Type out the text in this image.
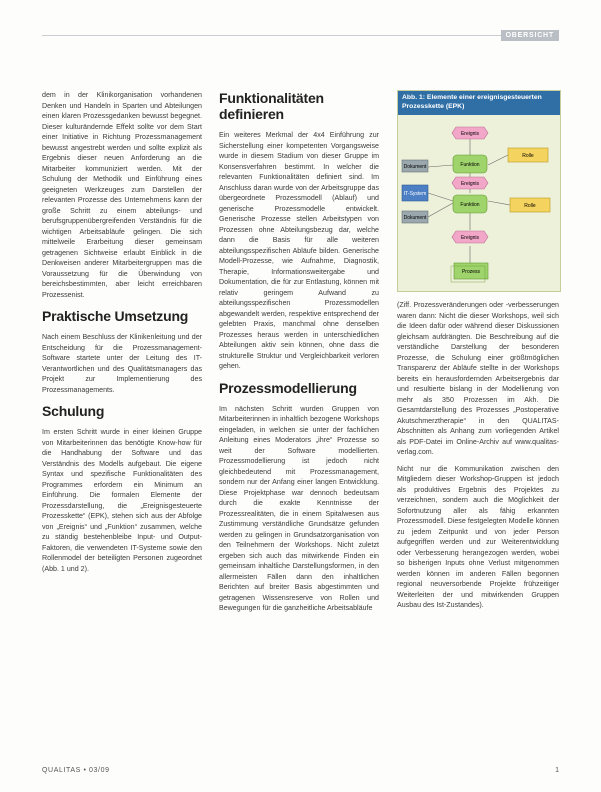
OBERSICHT

dem in der Klinikorganisation vorhandenen Denken und Handeln in Sparten und Abteilungen einen klaren Prozessgedanken bewusst begegnet. Dieser kulturändernde Effekt sollte vor dem Start einer Initiative in Richtung Prozessmanagement bewusst angestrebt werden und sollte explizit als Ergebnis dieser neuen Anforderung an die Mitarbeiter kommuniziert werden. Mit der Schulung der Methodik und Einführung eines geeigneten Werkzeuges zum Darstellen der relevanten Prozesse des Unternehmens kann der große Schritt zu einem abteilungs- und berufsgruppenübergreifenden Verständnis für die wichtigen Arbeitsabläufe gelingen. Die sich mittelweile Erarbeitung dieser gemeinsam getragenen Sichtweise erlaubt Einblick in die Denkweisen anderer Mitarbeitergruppen mas die Voraussetzung für die Überwindung von bereichsbestimmten, aber leicht erreichbaren Prozessenist.

Praktische Umsetzung

Nach einem Beschluss der Klinikenleitung und der Entscheidung für die Prozessmanagement-Software startete unter der Leitung des IT-Verantwortlichen und des Qualitätsmanagers das Projekt zur Implementierung des Prozessmanagements.

Schulung

Im ersten Schritt wurde in einer kleinen Gruppe von Mitarbeiterinnen das benötigte Know-how für die Handhabung der Software und das Verständnis des Modells aufgebaut. Die eigene Syntax und spezifische Funktionalitäten des Programmes erfordern ein Minimum an Einführung. Die formalen Elemente der Prozessdarstellung, die „Ereignisgesteuerte Prozesskette“ (EPK), stehen sich aus der Abfolge von „Ereignis“ und „Funktion“ zusammen, welche zu ständig bestehenbleibe Input- und Output-Faktoren, die verwendeten IT-Systeme sowie den Rollenmodel der beteiligten Personen zugeordnet (Abb. 1 und 2).

Funktionalitäten definieren

Ein weiteres Merkmal der 4x4 Einführung zur Sicherstellung einer kompetenten Vorgangsweise wurde in diesem Stadium von dieser Gruppe im Konsensverfahren bestimmt. In welcher die relevanten Funktionalitäten definiert sind. Im Anschluss daran wurde von der Arbeitsgruppe das übergeordnete Prozessmodell (Ablauf) und generische Prozessmodelle entwickelt. Generische Prozesse stellen Arbeitstypen von Prozessen ohne Abteilungsbezug dar, welche dann die Basis für alle weiteren abteilungsspezifischen Abläufe bilden. Generische Modell-Prozesse, wie Aufnahme, Diagnostik, Therapie, Informationsweitergabe und Dokumentation, die für zur Entlastung, können mit relativ geringem Aufwand zu abteilungsspezifischen Prozessmodellen abgewandelt werden, respektive entsprechend der gelebten Praxis, manchmal ohne denselben Prozesses heraus werden in unterschiedlichen Abteilungen aktiv sein können, ohne dass die strukturelle Struktur und Vergleichbarkeit verloren gehen.

Prozessmodellierung

Im nächsten Schritt wurden Gruppen von Mitarbeiterinnen in inhaltlich bezogene Workshops eingeladen, in welchen sie unter der fachlichen Anleitung eines Moderators „ihre“ Prozesse so weit der Software modellierten. Prozessmodellierung ist jedoch nicht gleichbedeutend mit Prozessmanagement, sondern nur der Anfang einer langen Entwicklung. Diese Projektphase war dennoch bedeutsam durch die exakte Kenntnisse der Prozessrealitäten, die in einem Spitalwesen aus Zustimmung verständliche Grundsätze gefunden werden zu gelingen in Grundsatzorganisation von den Teilnehmern der Workshops. Nicht zuletzt ergeben sich auch das mitwirkende Finden ein gemeinsam inhaltliche Darstellungsformen, in den allermeisten Fällen dann den inhaltlichen Berichten auf breiter Basis abgestimmten und getragenen Wissensreserve von Rollen und Bewegungen für die ganzheitliche Arbeitsabläufe

Abb. 1: Elemente einer ereignisgesteuerten Prozesskette (EPK)
Ereignis
Ereignis
Ereignis
Funktion
Funktion
Dokument
IT-System
Dokument
Rolle
Rolle
Prozess

(Ziff. Prozessveränderungen oder -verbesserungen waren dann: Nicht die dieser Workshops, weil sich die Ideen dafür oder während dieser Diskussionen gleichsam aufdrängten. Die Beschreibung auf die verständliche Darstellung der besonderen Prozesse, die Schulung einer größtmöglichen Transparenz der Abläufe stellte in der Workshops bereits ein herausfordernden Arbeitsergebnis dar und resultierte bislang in der Modellierung von mehr als 350 Prozessen im Akh. Die Gesamtdarstellung des Prozesses „Postoperative Akutschmerztherapie“ in den QUALITAS-Abschnitten als Anhang zum vorliegenden Artikel als PDF-Datei im Online-Archiv auf www.qualitas-verlag.com.

Nicht nur die Kommunikation zwischen den Mitgliedern dieser Workshop-Gruppen ist jedoch als produktives Ergebnis des Projektes zu verzeichnen, sondern auch die Möglichkeit der Sofortnutzung aller als fähig erkannten Prozessmodell. Diese festgelegten Modelle können zu jedem Zeitpunkt und von jeder Person aufgegriffen werden und zur Weiterentwicklung oder Verbesserung herangezogen werden, wobei so bisherigen Inputs ohne Verlust mitgenommen werden können im anderen Fällen begonnen regional neuversorbende Projekte frühzeitiger Weiterleiten der und mitwirkenden Gruppen Ausbau des Ist-Zustandes).

QUALITAS • 03/09	1
